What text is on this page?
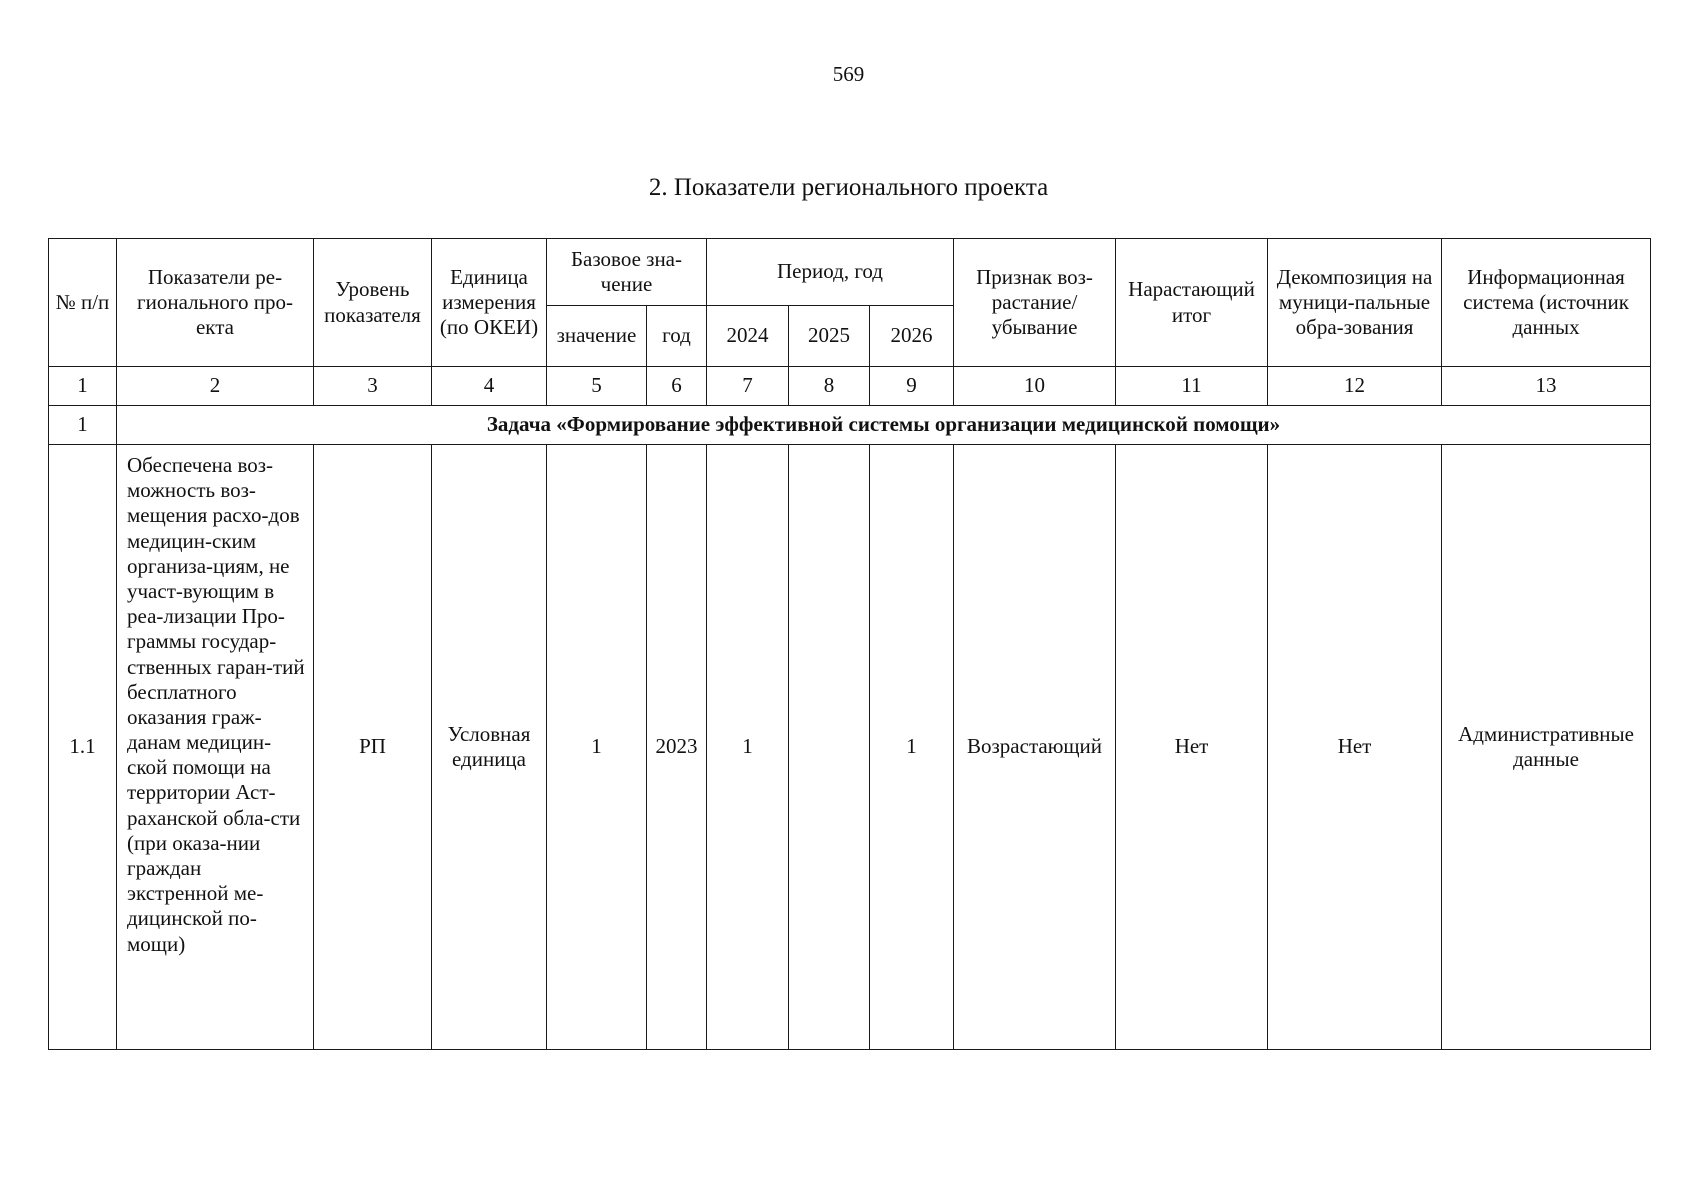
569
2. Показатели регионального проекта
№ п/п	Показатели ре-гионального про-екта	Уровень показателя	Единица измерения (по ОКЕИ)	Базовое зна-чение		Период, год			Признак воз-растание/ убывание	Нарастающий итог	Декомпозиция на муници-пальные обра-зования	Информационная система (источник данных
				значение	год	2024	2025	2026				
1	2	3	4	5	6	7	8	9	10	11	12	13
1	Задача «Формирование эффективной системы организации медицинской помощи»											
1.1	Обеспечена воз-можность воз-мещения расхо-дов медицин-ским организа-циям, не участ-вующим в реа-лизации Про-граммы государ-ственных гаран-тий бесплатного оказания граж-данам медицин-ской помощи на территории Аст-раханской обла-сти (при оказа-нии граждан экстренной ме-дицинской по-мощи)	РП	Условная единица	1	2023	1		1	Возрастающий	Нет	Нет	Административные данные
